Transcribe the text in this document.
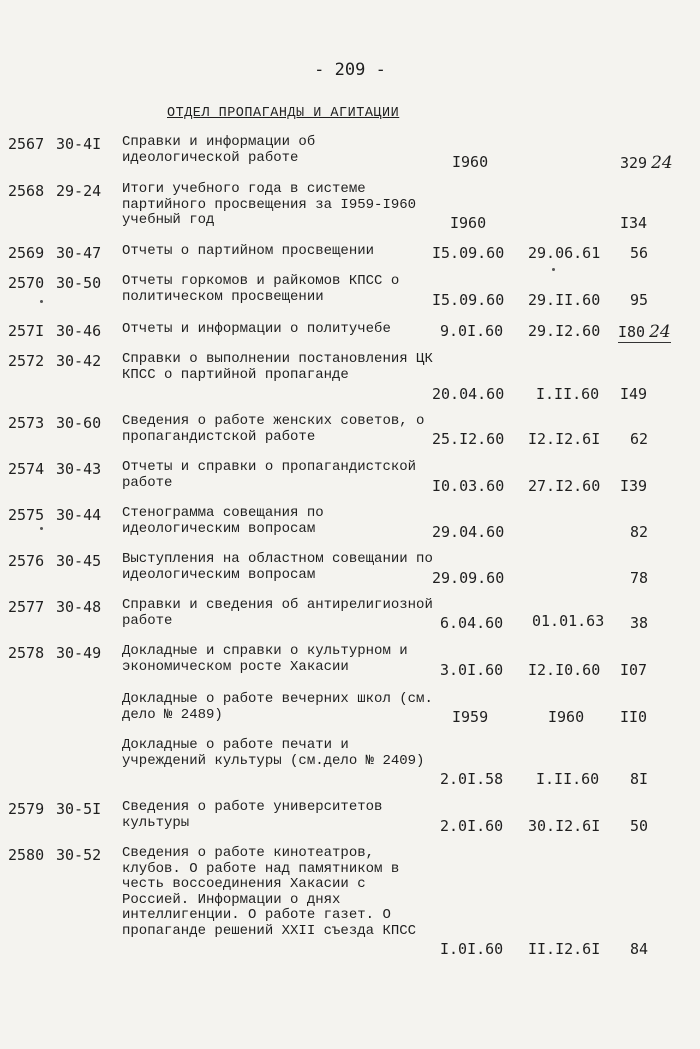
- 209 -
ОТДЕЛ ПРОПАГАНДЫ И АГИТАЦИИ
2567 30-4I Справки и информации об идеологической работе	I960	329 24
2568 29-24 Итоги учебного года в системе партийного просвещения за I959-I960 учебный год	I960	I34
2569 30-47 Отчеты о партийном просвещении	I5.09.60 29.06.61 56
2570 30-50 Отчеты горкомов и райкомов КПСС о политическом просвещении	I5.09.60 29.II.60 95
257I 30-46 Отчеты и информации о политучебе	9.0I.60 29.I2.60 I80 24
2572 30-42 Справки о выполнении постановления ЦК КПСС о партийной пропаганде
20.04.60 I.II.60 I49
2573 30-60 Сведения о работе женских советов, о пропагандистской работе	25.I2.60 I2.I2.6I 62
2574 30-43 Отчеты и справки о пропагандистской работе	I0.03.60 27.I2.60 I39
2575 30-44 Стенограмма совещания по идеологическим вопросам	29.04.60	82
2576 30-45 Выступления на областном совещании по идеологическим вопросам	29.09.60	78
2577 30-48 Справки и сведения об антирелигиозной работе	6.04.60 01.01.63 38
2578 30-49 Докладные и справки о культурном и экономическом росте Хакасии	3.0I.60 I2.I0.60 I07
Докладные о работе вечерних школ (см. дело № 2489)	I959	I960 II0
Докладные о работе печати и учреждений культуры (см.дело № 2409)
2.0I.58 I.II.60 8I
2579 30-5I Сведения о работе университетов культуры	2.0I.60 30.I2.6I 50
2580 30-52 Сведения о работе кинотеатров, клубов. О работе над памятником в честь воссоединения Хакасии с Россией. Информации о днях интеллигенции. О работе газет. О пропаганде решений XXII съезда КПСС
I.0I.60 II.I2.6I 84
